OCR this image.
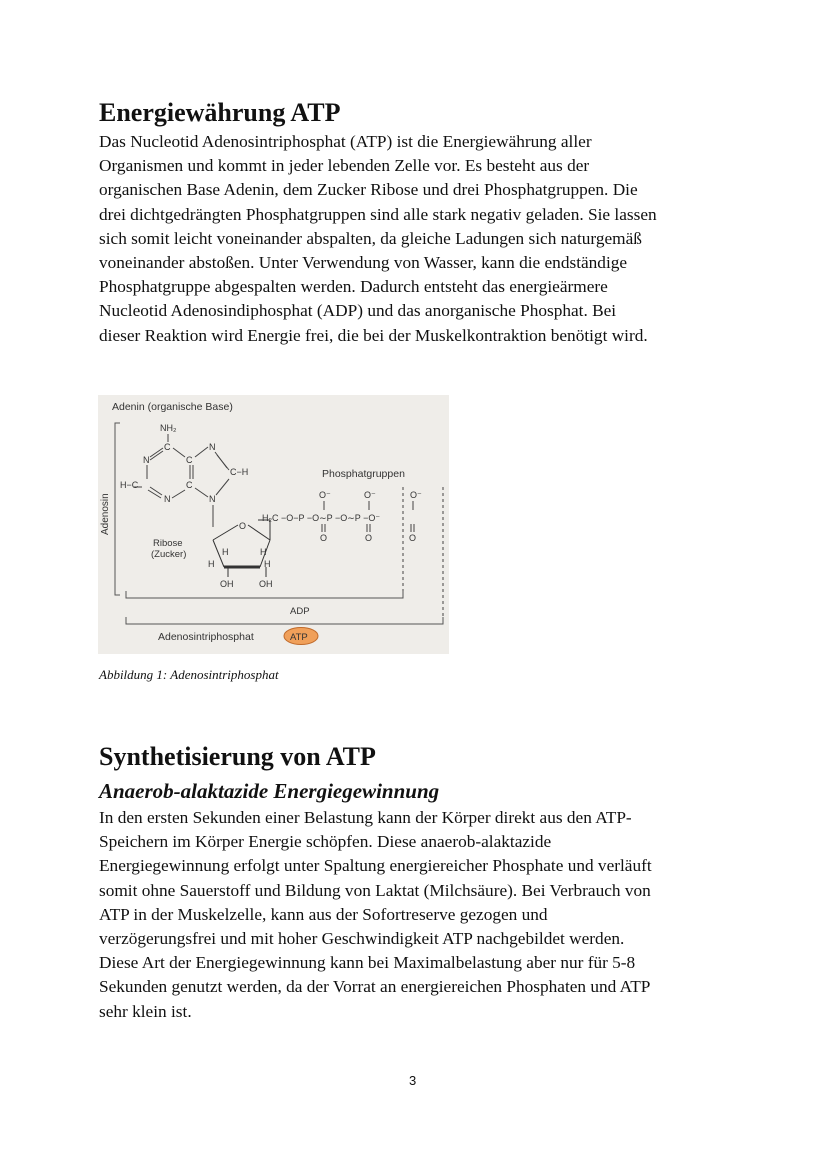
Energiewährung ATP
Das Nucleotid Adenosintriphosphat (ATP) ist die Energiewährung aller
Organismen und kommt in jeder lebenden Zelle vor. Es besteht aus der
organischen Base Adenin, dem Zucker Ribose und drei Phosphatgruppen. Die
drei dichtgedrängten Phosphatgruppen sind alle stark negativ geladen. Sie lassen
sich somit leicht voneinander abspalten, da gleiche Ladungen sich naturgemäß
voneinander abstoßen. Unter Verwendung von Wasser, kann die endständige
Phosphatgruppe abgespalten werden. Dadurch entsteht das energieärmere
Nucleotid Adenosindiphosphat (ADP) und das anorganische Phosphat. Bei
dieser Reaktion wird Energie frei, die bei der Muskelkontraktion benötigt wird.
Adenin (organische Base)
Adenosin
NH₂
C
N
N
H−C	C
C
N	N
C−H
O
H	H
H	H
OH	OH
Ribose
(Zucker)
Phosphatgruppen
O⁻	O⁻	O⁻
H₂C −O−P −O∼P −O∼P −O⁻
O	O	O
ADP
Adenosintriphosphat	ATP

Abbildung 1: Adenosintriphosphat

Synthetisierung von ATP
Anaerob-alaktazide Energiegewinnung
In den ersten Sekunden einer Belastung kann der Körper direkt aus den ATP-
Speichern im Körper Energie schöpfen. Diese anaerob-alaktazide
Energiegewinnung erfolgt unter Spaltung energiereicher Phosphate und verläuft
somit ohne Sauerstoff und Bildung von Laktat (Milchsäure). Bei Verbrauch von
ATP in der Muskelzelle, kann aus der Sofortreserve gezogen und
verzögerungsfrei und mit hoher Geschwindigkeit ATP nachgebildet werden.
Diese Art der Energiegewinnung kann bei Maximalbelastung aber nur für 5-8
Sekunden genutzt werden, da der Vorrat an energiereichen Phosphaten und ATP
sehr klein ist.
3
